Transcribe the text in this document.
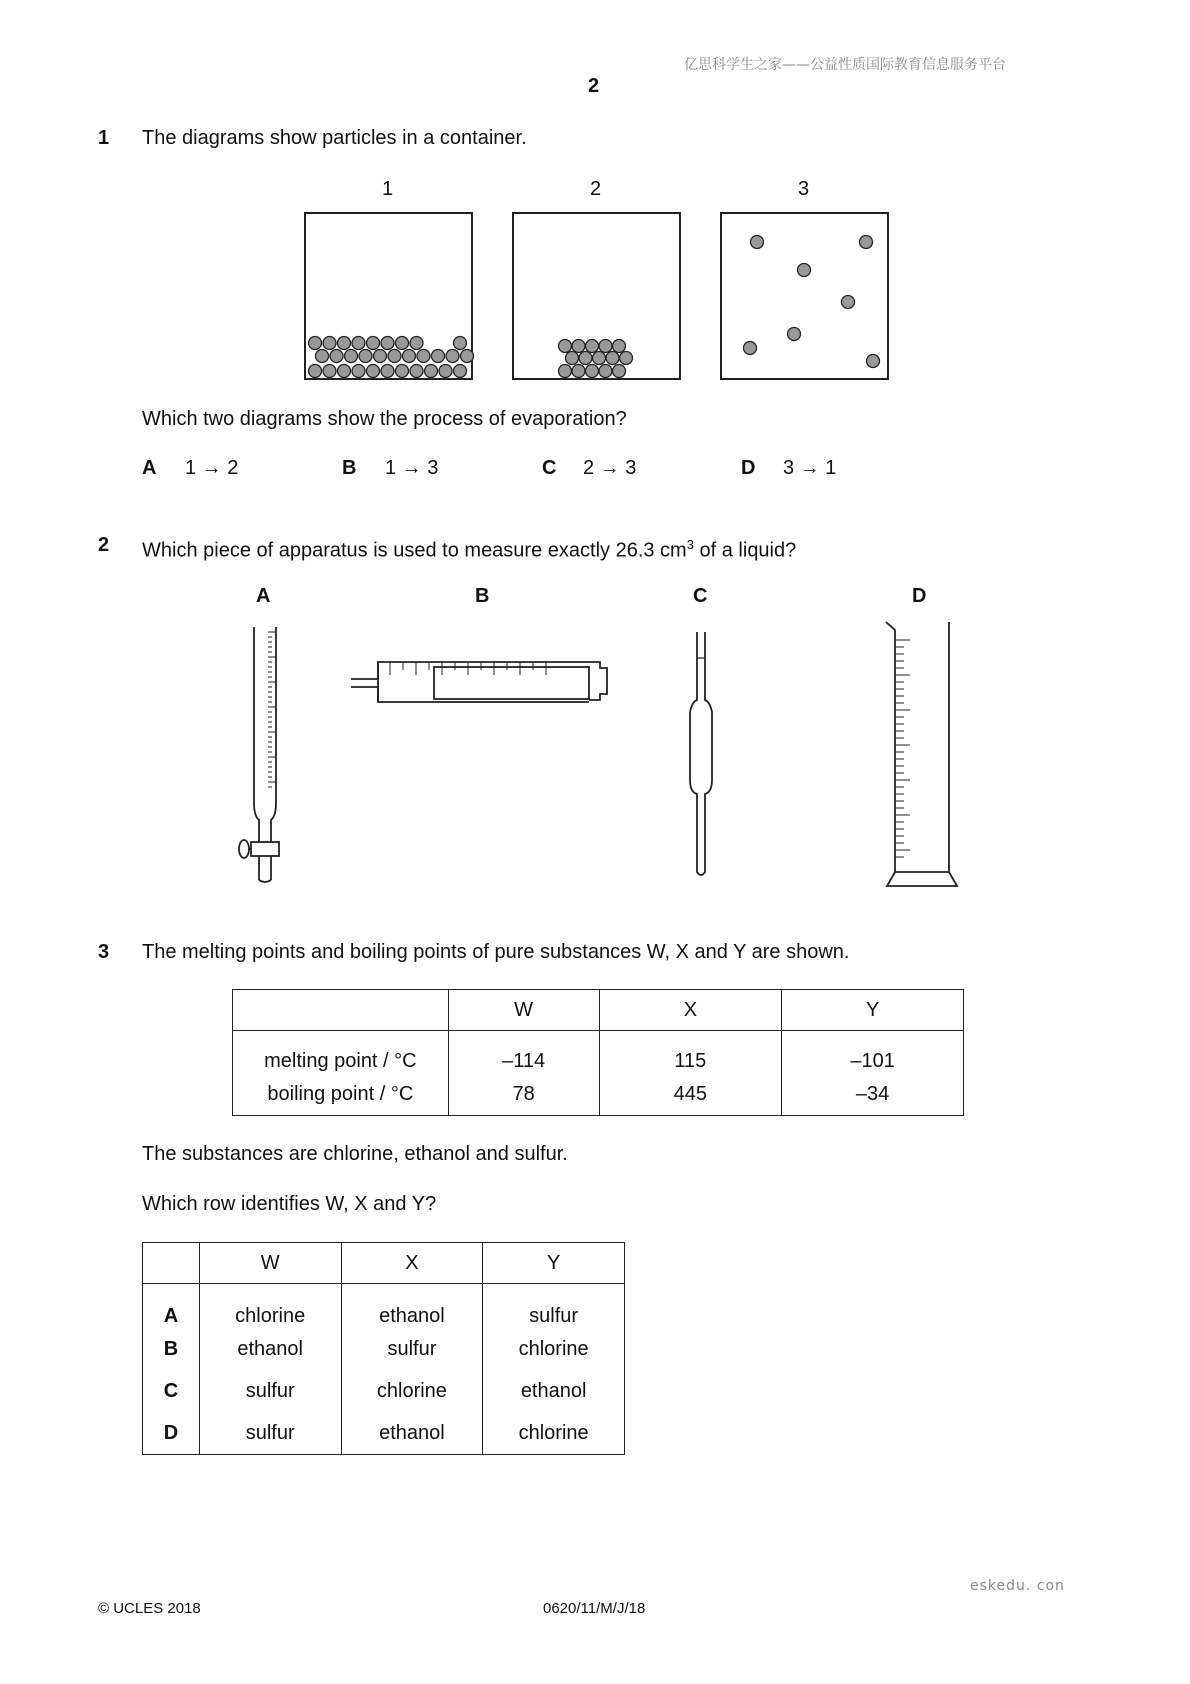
亿思科学生之家——公益性质国际教育信息服务平台
2
1 The diagrams show particles in a container.
1	2	3
Which two diagrams show the process of evaporation?
A 1 → 2	B 1 → 3	C 2 → 3	D 3 → 1
2 Which piece of apparatus is used to measure exactly 26.3 $cm^3$ of a liquid?
A	B	C	D
3 The melting points and boiling points of pure substances W, X and Y are shown.
	W	X	Y
melting point / °C	–114	115	–101
boiling point / °C	78	445	–34
The substances are chlorine, ethanol and sulfur.
Which row identifies W, X and Y?
	W	X	Y
A	chlorine	ethanol	sulfur
B	ethanol	sulfur	chlorine
C	sulfur	chlorine	ethanol
D	sulfur	ethanol	chlorine
eskedu. con
© UCLES 2018	0620/11/M/J/18
